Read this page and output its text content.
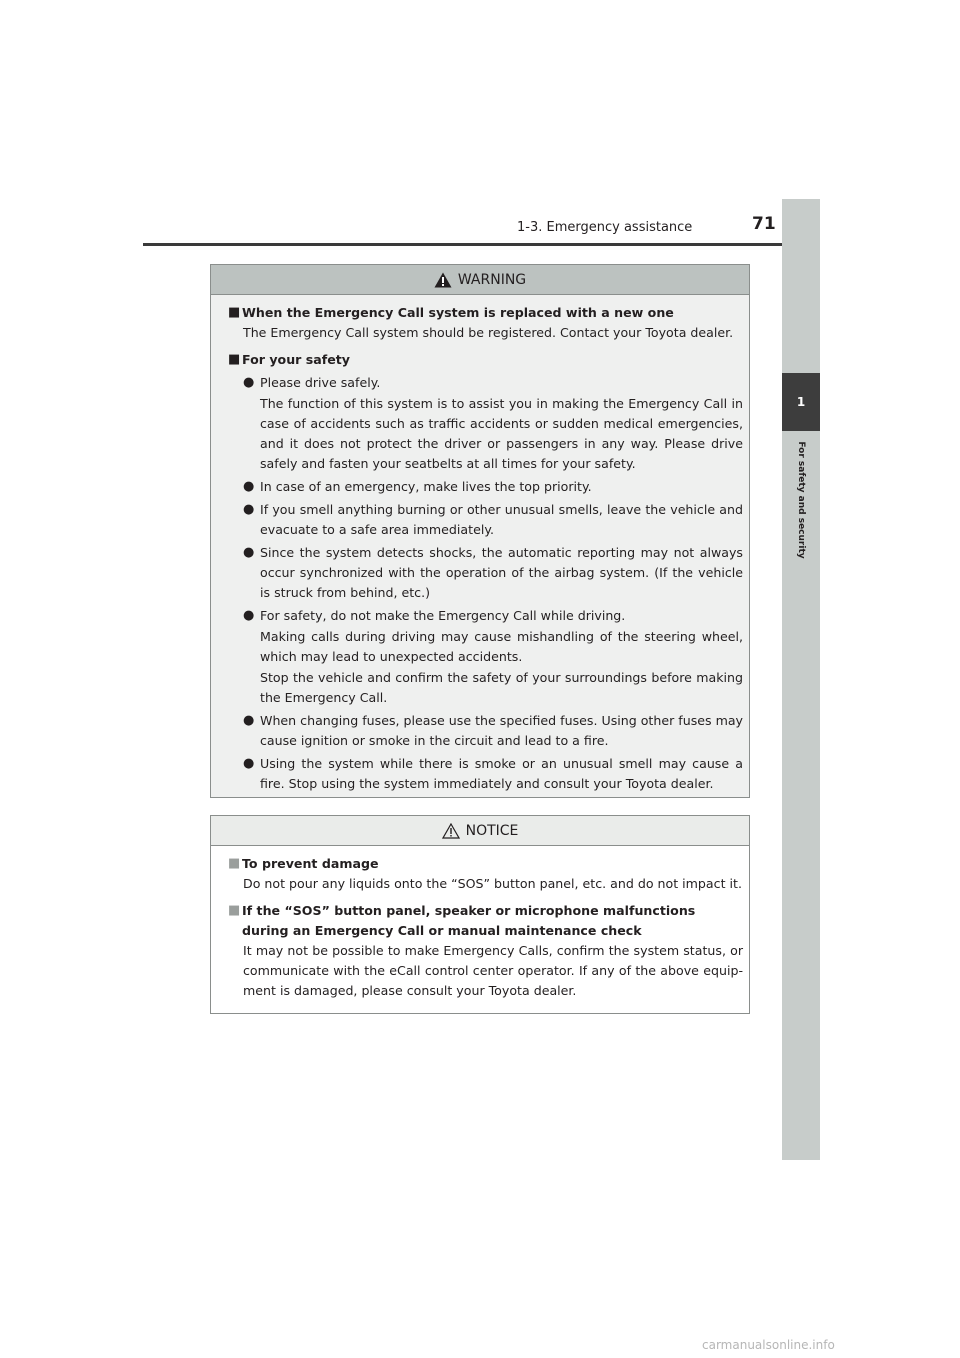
1-3. Emergency assistance	71
1
For safety and security
WARNING
■ When the Emergency Call system is replaced with a new one
The Emergency Call system should be registered. Contact your Toyota dealer.
■ For your safety
● Please drive safely.
The function of this system is to assist you in making the Emergency Call in case of accidents such as traffic accidents or sudden medical emergencies, and it does not protect the driver or passengers in any way. Please drive safely and fasten your seatbelts at all times for your safety.
● In case of an emergency, make lives the top priority.
● If you smell anything burning or other unusual smells, leave the vehicle and evacuate to a safe area immediately.
● Since the system detects shocks, the automatic reporting may not always occur synchronized with the operation of the airbag system. (If the vehicle is struck from behind, etc.)
● For safety, do not make the Emergency Call while driving.
Making calls during driving may cause mishandling of the steering wheel, which may lead to unexpected accidents.
Stop the vehicle and confirm the safety of your surroundings before making the Emergency Call.
● When changing fuses, please use the specified fuses. Using other fuses may cause ignition or smoke in the circuit and lead to a fire.
● Using the system while there is smoke or an unusual smell may cause a fire. Stop using the system immediately and consult your Toyota dealer.
NOTICE
■ To prevent damage
Do not pour any liquids onto the “SOS” button panel, etc. and do not impact it.
■ If the “SOS” button panel, speaker or microphone malfunctions during an Emergency Call or manual maintenance check
It may not be possible to make Emergency Calls, confirm the system status, or communicate with the eCall control center operator. If any of the above equip-ment is damaged, please consult your Toyota dealer.
carmanualsonline.info
